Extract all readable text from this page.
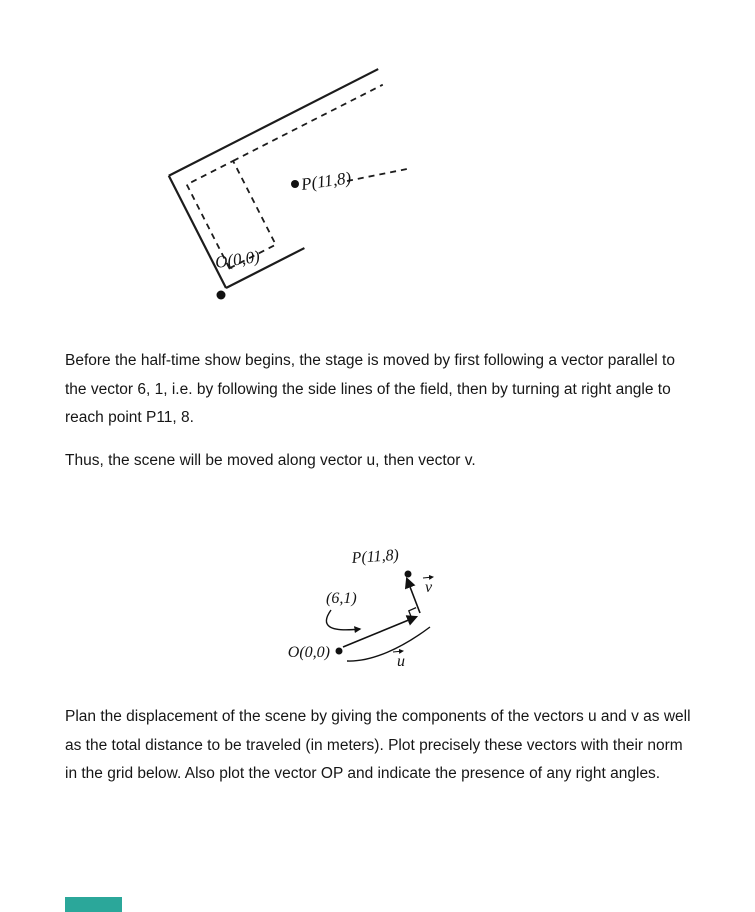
P(11,8)
O(0,0)
Before the half-time show begins, the stage is moved by first following a vector parallel to the vector 6, 1, i.e. by following the side lines of the field, then by turning at right angle to reach point P11, 8.
Thus, the scene will be moved along vector u, then vector v.
P(11,8)
O(0,0)
(6,1)
u
v
Plan the displacement of the scene by giving the components of the vectors u and v as well as the total distance to be traveled (in meters). Plot precisely these vectors with their norm in the grid below. Also plot the vector OP and indicate the presence of any right angles.
